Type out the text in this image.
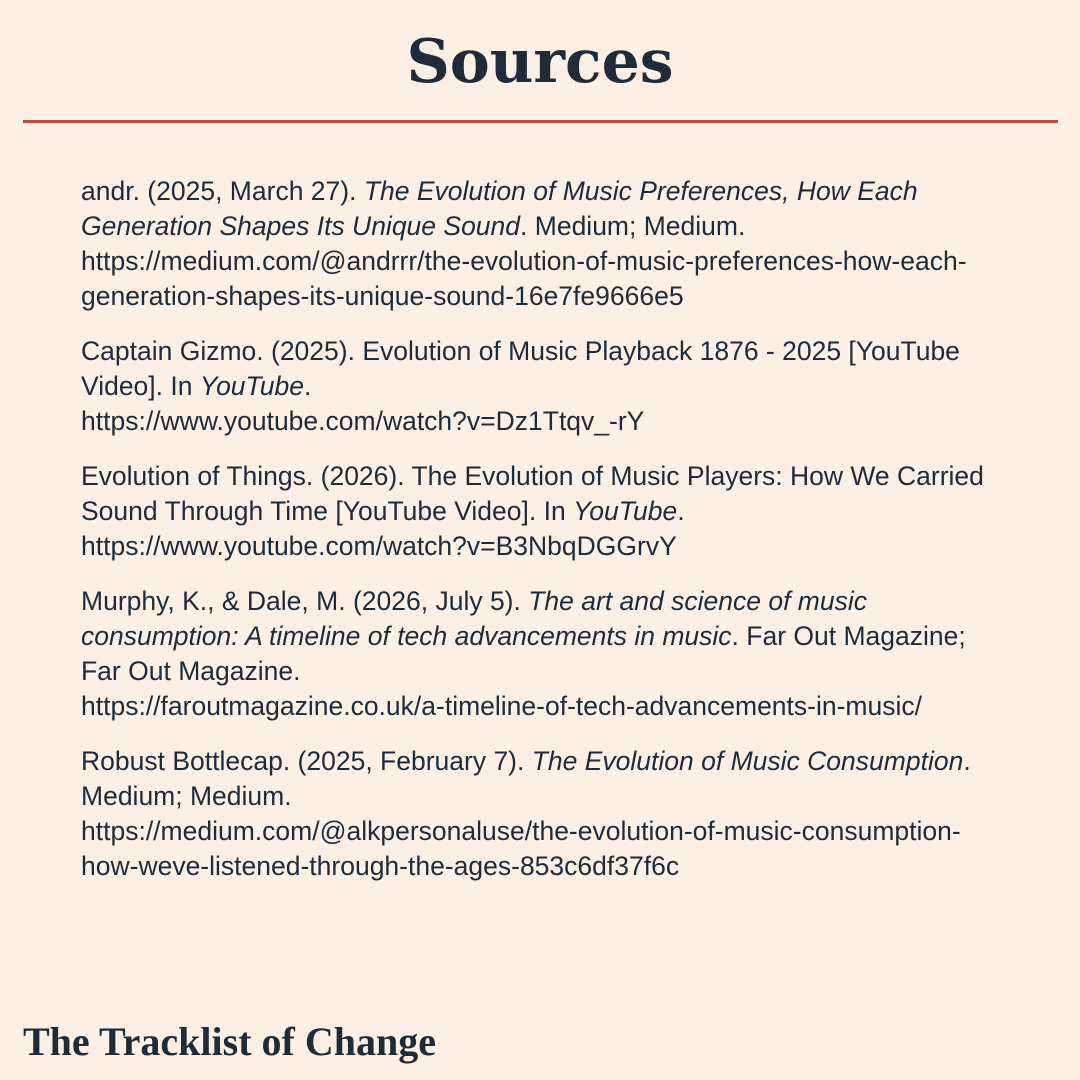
Sources

andr. (2025, March 27). The Evolution of Music Preferences, How Each Generation Shapes Its Unique Sound. Medium; Medium.
https://medium.com/@andrrr/the-evolution-of-music-preferences-how-each-generation-shapes-its-unique-sound-16e7fe9666e5

Captain Gizmo. (2025). Evolution of Music Playback 1876 - 2025 [YouTube Video]. In YouTube.
https://www.youtube.com/watch?v=Dz1Ttqv_-rY

Evolution of Things. (2026). The Evolution of Music Players: How We Carried Sound Through Time [YouTube Video]. In YouTube.
https://www.youtube.com/watch?v=B3NbqDGGrvY

Murphy, K., & Dale, M. (2026, July 5). The art and science of music consumption: A timeline of tech advancements in music. Far Out Magazine; Far Out Magazine.
https://faroutmagazine.co.uk/a-timeline-of-tech-advancements-in-music/

Robust Bottlecap. (2025, February 7). The Evolution of Music Consumption. Medium; Medium.
https://medium.com/@alkpersonaluse/the-evolution-of-music-consumption-how-weve-listened-through-the-ages-853c6df37f6c

The Tracklist of Change
